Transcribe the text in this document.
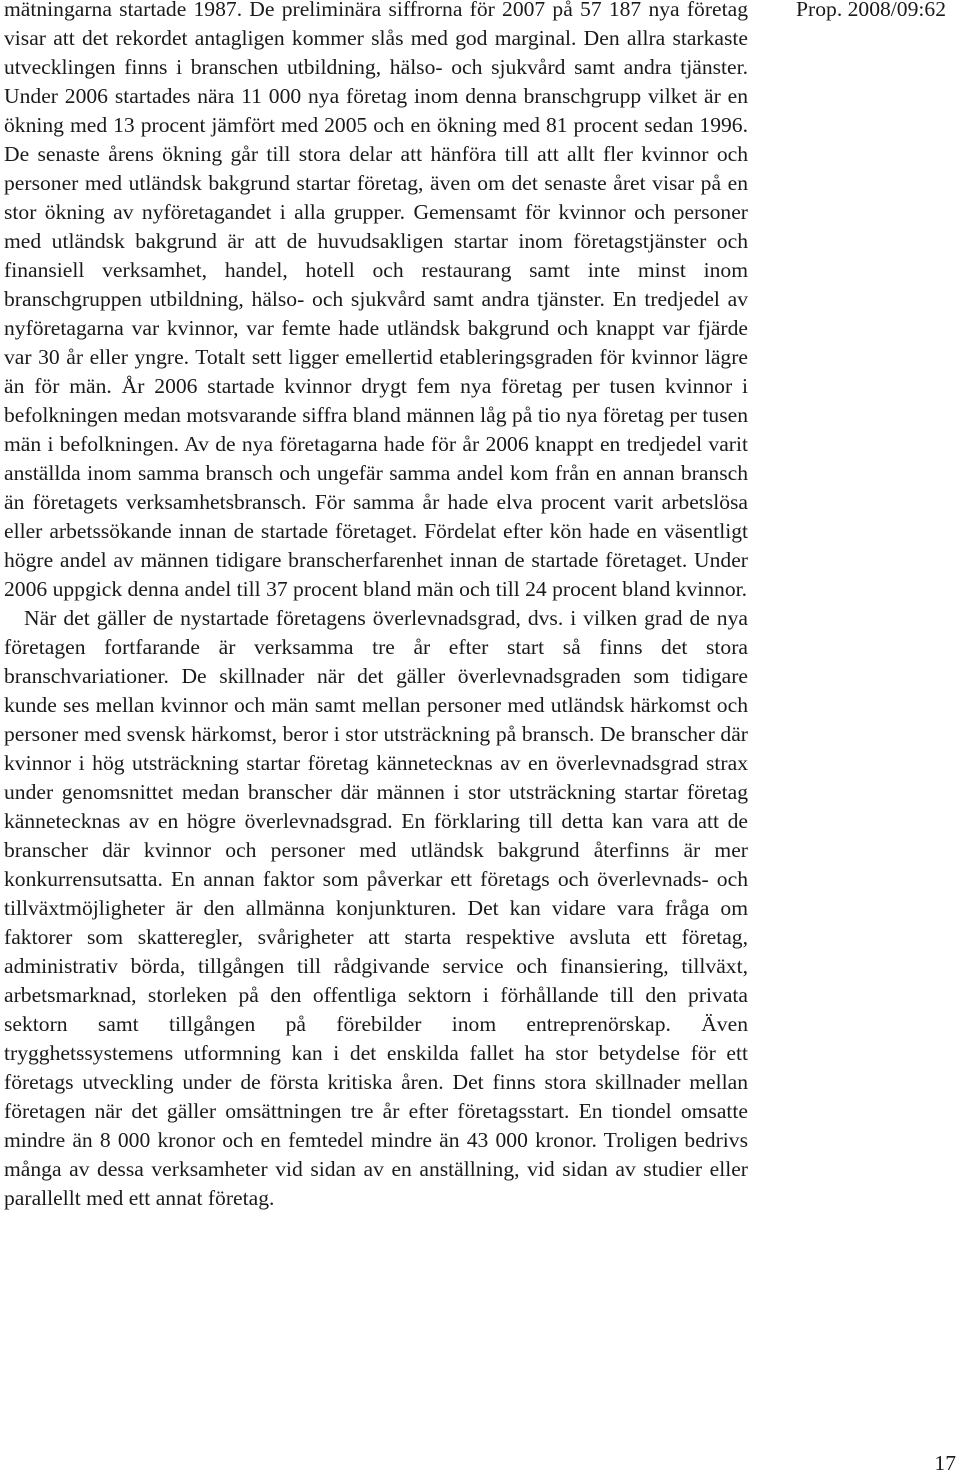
Prop. 2008/09:62

mätningarna startade 1987. De preliminära siffrorna för 2007 på 57 187 nya företag visar att det rekordet antagligen kommer slås med god marginal. Den allra starkaste utvecklingen finns i branschen utbildning, hälso- och sjukvård samt andra tjänster. Under 2006 startades nära 11 000 nya företag inom denna branschgrupp vilket är en ökning med 13 procent jämfört med 2005 och en ökning med 81 procent sedan 1996. De senaste årens ökning går till stora delar att hänföra till att allt fler kvinnor och personer med utländsk bakgrund startar företag, även om det senaste året visar på en stor ökning av nyföretagandet i alla grupper. Gemensamt för kvinnor och personer med utländsk bakgrund är att de huvudsakligen startar inom företagstjänster och finansiell verksamhet, handel, hotell och restaurang samt inte minst inom branschgruppen utbildning, hälso- och sjukvård samt andra tjänster. En tredjedel av nyföretagarna var kvinnor, var femte hade utländsk bakgrund och knappt var fjärde var 30 år eller yngre. Totalt sett ligger emellertid etableringsgraden för kvinnor lägre än för män. År 2006 startade kvinnor drygt fem nya företag per tusen kvinnor i befolkningen medan motsvarande siffra bland männen låg på tio nya företag per tusen män i befolkningen. Av de nya företagarna hade för år 2006 knappt en tredjedel varit anställda inom samma bransch och ungefär samma andel kom från en annan bransch än företagets verksamhetsbransch. För samma år hade elva procent varit arbetslösa eller arbetssökande innan de startade företaget. Fördelat efter kön hade en väsentligt högre andel av männen tidigare branscherfarenhet innan de startade företaget. Under 2006 uppgick denna andel till 37 procent bland män och till 24 procent bland kvinnor.

När det gäller de nystartade företagens överlevnadsgrad, dvs. i vilken grad de nya företagen fortfarande är verksamma tre år efter start så finns det stora branschvariationer. De skillnader när det gäller överlevnadsgraden som tidigare kunde ses mellan kvinnor och män samt mellan personer med utländsk härkomst och personer med svensk härkomst, beror i stor utsträckning på bransch. De branscher där kvinnor i hög utsträckning startar företag kännetecknas av en överlevnadsgrad strax under genomsnittet medan branscher där männen i stor utsträckning startar företag kännetecknas av en högre överlevnadsgrad. En förklaring till detta kan vara att de branscher där kvinnor och personer med utländsk bakgrund återfinns är mer konkurrensutsatta. En annan faktor som påverkar ett företags och överlevnads- och tillväxtmöjligheter är den allmänna konjunkturen. Det kan vidare vara fråga om faktorer som skatteregler, svårigheter att starta respektive avsluta ett företag, administrativ börda, tillgången till rådgivande service och finansiering, tillväxt, arbetsmarknad, storleken på den offentliga sektorn i förhållande till den privata sektorn samt tillgången på förebilder inom entreprenörskap. Även trygghetssystemens utformning kan i det enskilda fallet ha stor betydelse för ett företags utveckling under de första kritiska åren. Det finns stora skillnader mellan företagen när det gäller omsättningen tre år efter företagsstart. En tiondel omsatte mindre än 8 000 kronor och en femtedel mindre än 43 000 kronor. Troligen bedrivs många av dessa verksamheter vid sidan av en anställning, vid sidan av studier eller parallellt med ett annat företag.

17
